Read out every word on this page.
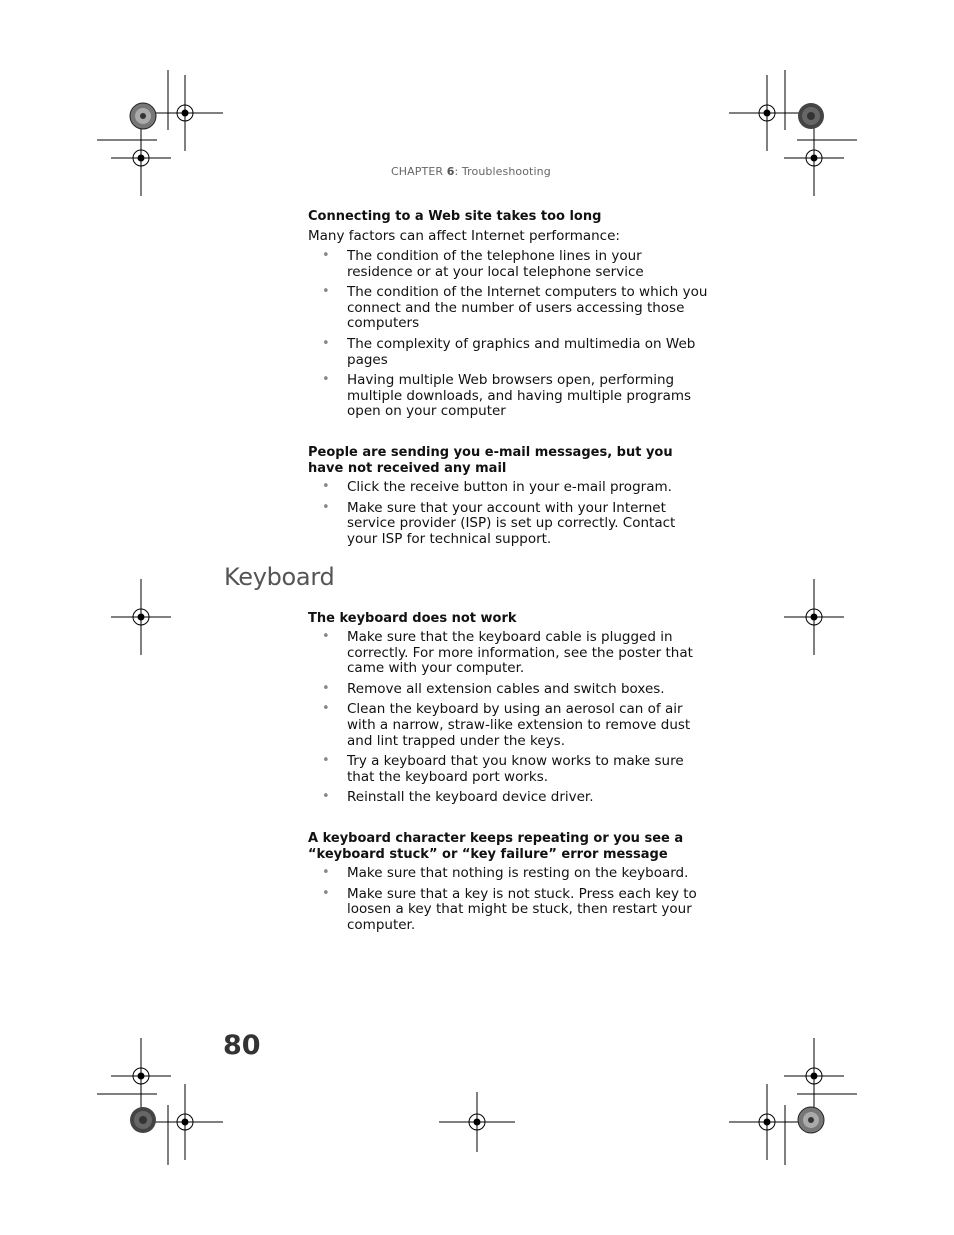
CHAPTER 6: Troubleshooting
Connecting to a Web site takes too long
Many factors can affect Internet performance:
• The condition of the telephone lines in your residence or at your local telephone service
• The condition of the Internet computers to which you connect and the number of users accessing those computers
• The complexity of graphics and multimedia on Web pages
• Having multiple Web browsers open, performing multiple downloads, and having multiple programs open on your computer
People are sending you e-mail messages, but you have not received any mail
• Click the receive button in your e-mail program.
• Make sure that your account with your Internet service provider (ISP) is set up correctly. Contact your ISP for technical support.
Keyboard
The keyboard does not work
• Make sure that the keyboard cable is plugged in correctly. For more information, see the poster that came with your computer.
• Remove all extension cables and switch boxes.
• Clean the keyboard by using an aerosol can of air with a narrow, straw-like extension to remove dust and lint trapped under the keys.
• Try a keyboard that you know works to make sure that the keyboard port works.
• Reinstall the keyboard device driver.
A keyboard character keeps repeating or you see a “keyboard stuck” or “key failure” error message
• Make sure that nothing is resting on the keyboard.
• Make sure that a key is not stuck. Press each key to loosen a key that might be stuck, then restart your computer.
80
